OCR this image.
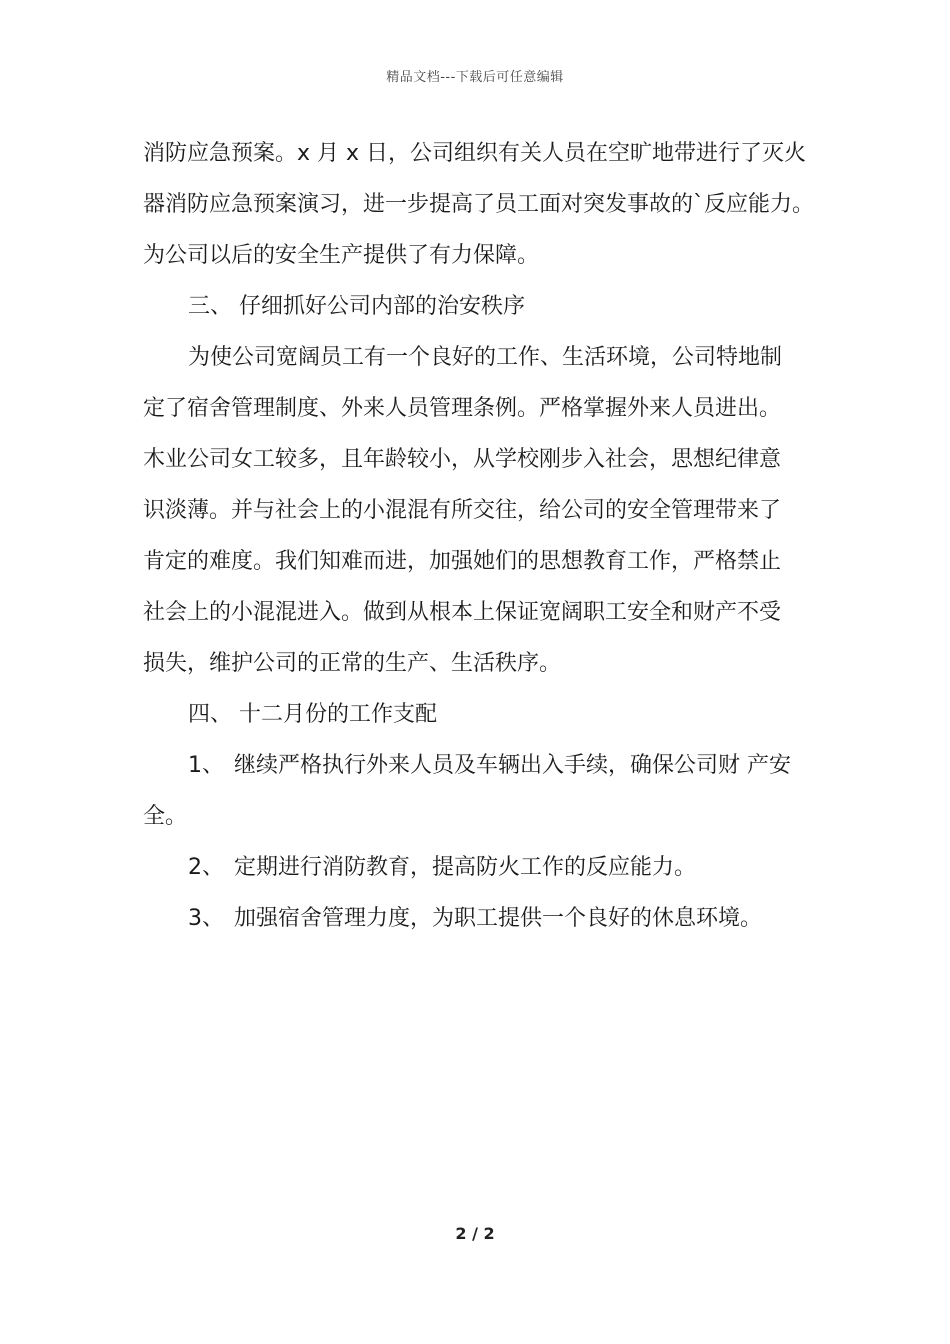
精品文档---下载后可任意编辑
消防应急预案。x 月 x 日，公司组织有关人员在空旷地带进行了灭火
器消防应急预案演习，进一步提高了员工面对突发事故的`反应能力。
为公司以后的安全生产提供了有力保障。
三、 仔细抓好公司内部的治安秩序
为使公司宽阔员工有一个良好的工作、生活环境，公司特地制
定了宿舍管理制度、外来人员管理条例。严格掌握外来人员进出。
木业公司女工较多，且年龄较小，从学校刚步入社会，思想纪律意
识淡薄。并与社会上的小混混有所交往，给公司的安全管理带来了
肯定的难度。我们知难而进，加强她们的思想教育工作，严格禁止
社会上的小混混进入。做到从根本上保证宽阔职工安全和财产不受
损失，维护公司的正常的生产、生活秩序。
四、 十二月份的工作支配
1、 继续严格执行外来人员及车辆出入手续，确保公司财 产安
全。
2、 定期进行消防教育，提高防火工作的反应能力。
3、 加强宿舍管理力度，为职工提供一个良好的休息环境。
2 / 2
